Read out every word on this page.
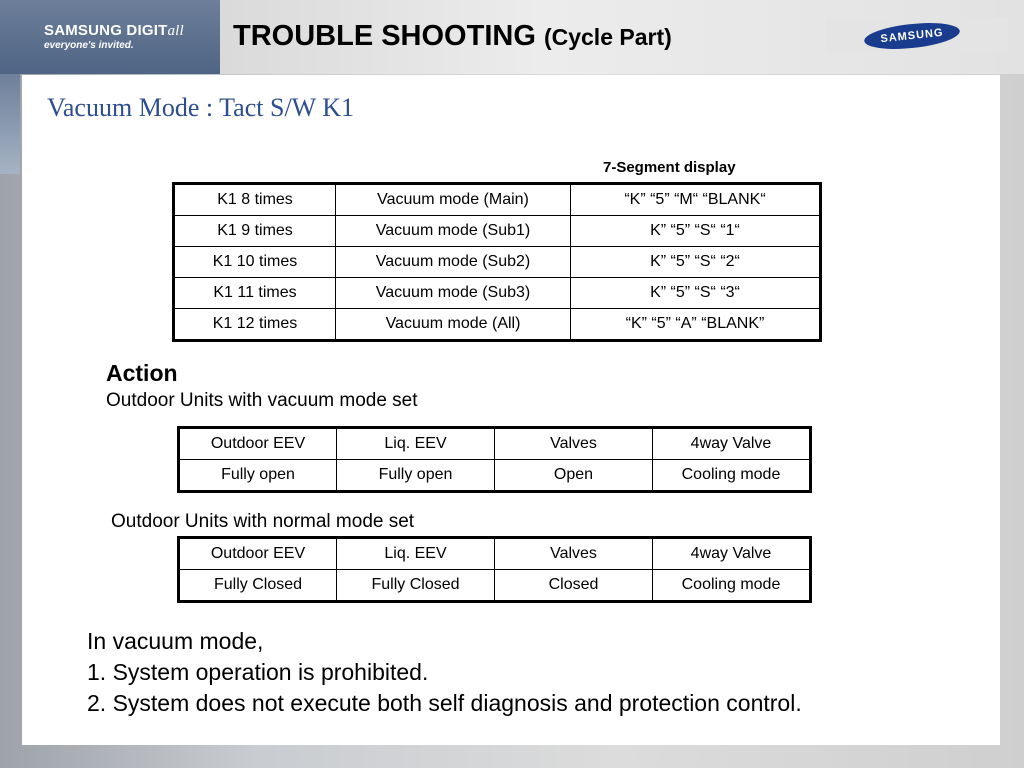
SAMSUNG DIGITall
everyone's invited.	TROUBLE SHOOTING (Cycle Part)	SAMSUNG
Vacuum Mode : Tact S/W K1
7-Segment display
K1 8 times	Vacuum mode (Main)	“K” “5” “M“ “BLANK“
K1 9 times	Vacuum mode (Sub1)	K” “5” “S“ “1“
K1 10 times	Vacuum mode (Sub2)	K” “5” “S“ “2“
K1 11 times	Vacuum mode (Sub3)	K” “5” “S“ “3“
K1 12 times	Vacuum mode (All)	“K” “5” “A” “BLANK”
Action
Outdoor Units with vacuum mode set
Outdoor EEV	Liq. EEV	Valves	4way Valve
Fully open	Fully open	Open	Cooling mode
Outdoor Units with normal mode set
Outdoor EEV	Liq. EEV	Valves	4way Valve
Fully Closed	Fully Closed	Closed	Cooling mode
In vacuum mode,
1. System operation is prohibited.
2. System does not execute both self diagnosis and protection control.
